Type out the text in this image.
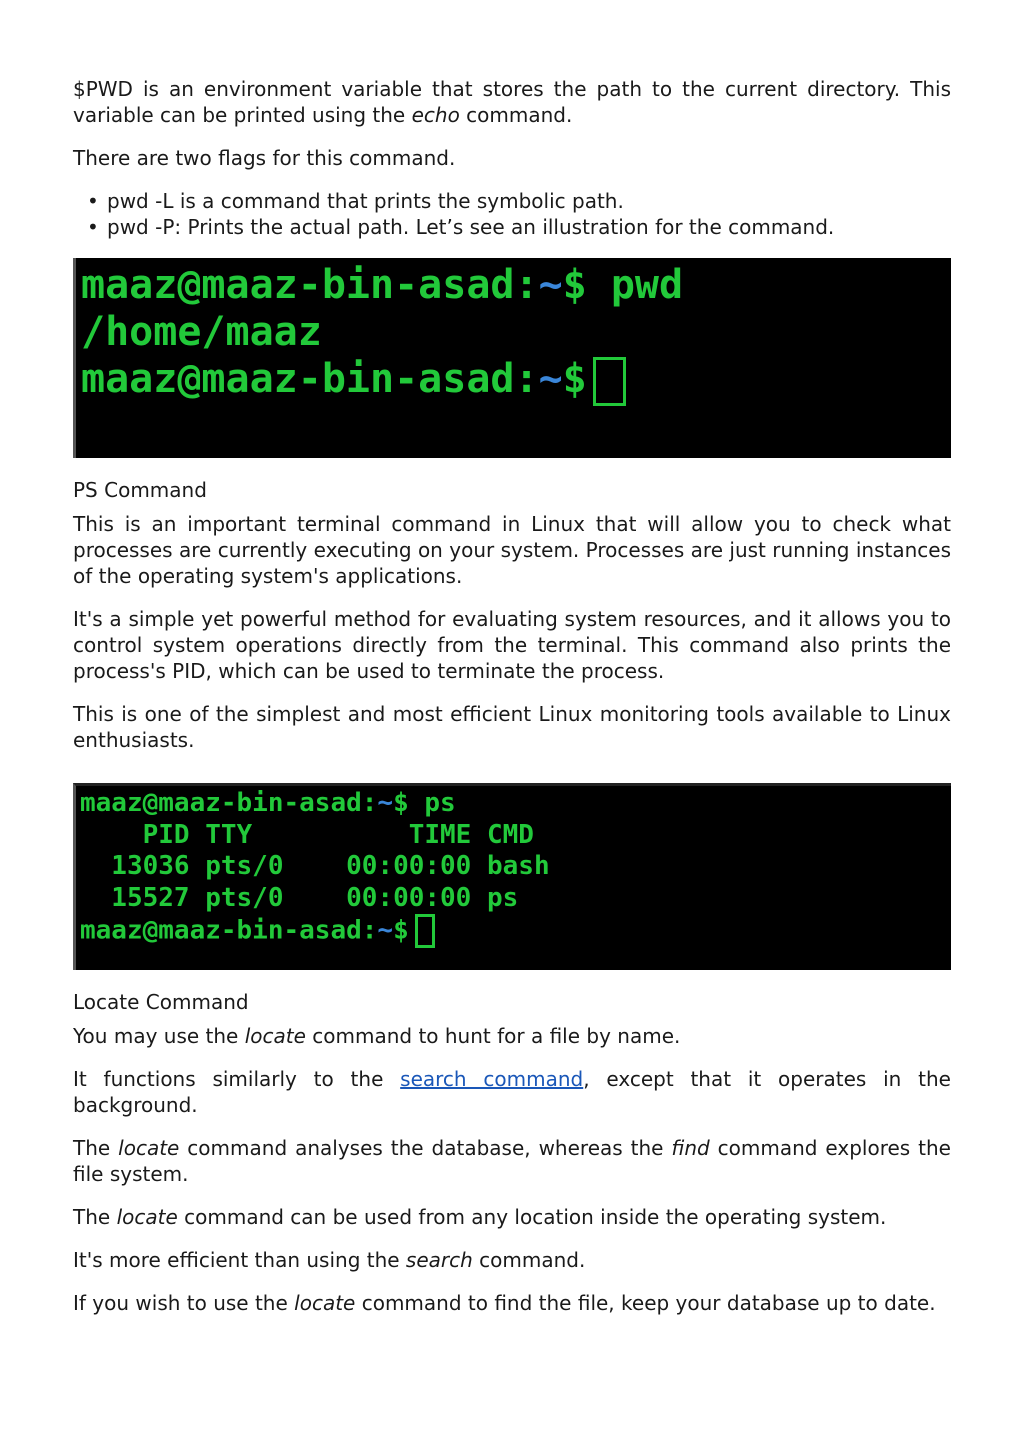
$PWD is an environment variable that stores the path to the current directory. This variable can be printed using the echo command.

There are two flags for this command.

• pwd -L is a command that prints the symbolic path.
• pwd -P: Prints the actual path. Let’s see an illustration for the command.
maaz@maaz-bin-asad:~$ pwd
/home/maaz
maaz@maaz-bin-asad:~$

PS Command

This is an important terminal command in Linux that will allow you to check what processes are currently executing on your system. Processes are just running instances of the operating system's applications.

It's a simple yet powerful method for evaluating system resources, and it allows you to control system operations directly from the terminal. This command also prints the process's PID, which can be used to terminate the process.

This is one of the simplest and most efficient Linux monitoring tools available to Linux enthusiasts.

maaz@maaz-bin-asad:~$ ps
PID TTY          TIME CMD
13036 pts/0    00:00:00 bash
15527 pts/0    00:00:00 ps
maaz@maaz-bin-asad:~$

Locate Command

You may use the locate command to hunt for a file by name.

It functions similarly to the search command, except that it operates in the background.

The locate command analyses the database, whereas the find command explores the file system.

The locate command can be used from any location inside the operating system.

It's more efficient than using the search command.

If you wish to use the locate command to find the file, keep your database up to date.
